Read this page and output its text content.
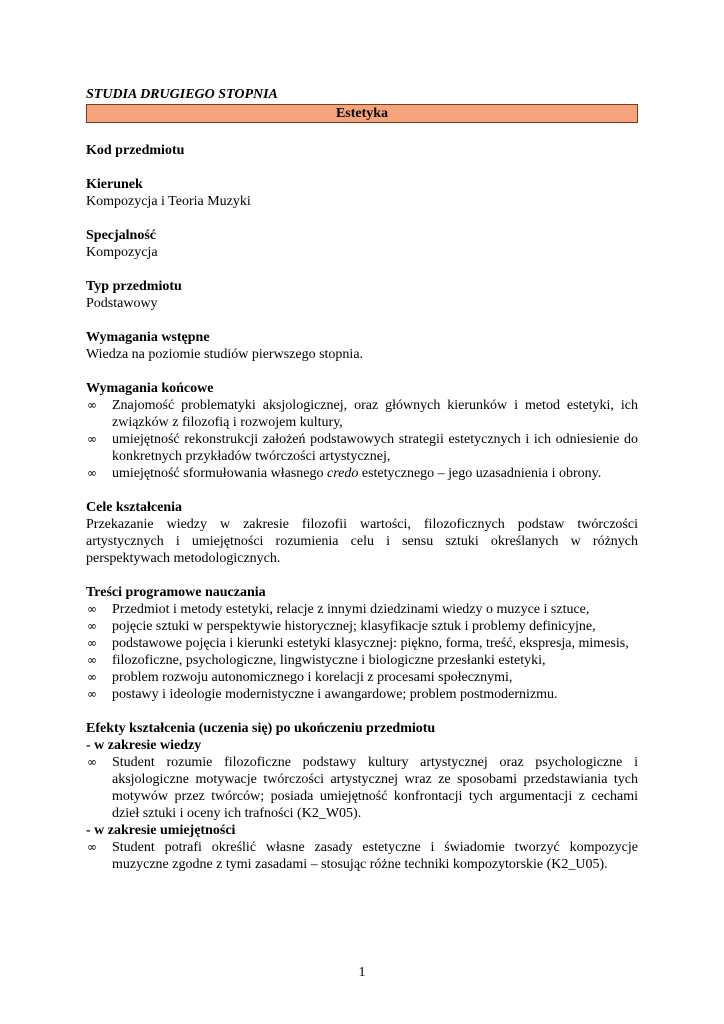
STUDIA DRUGIEGO STOPNIA

Estetyka
Kod przedmiotu
Kierunek
Kompozycja i Teoria Muzyki
Specjalność
Kompozycja
Typ przedmiotu
Podstawowy
Wymagania wstępne
Wiedza na poziomie studiów pierwszego stopnia.
Wymagania końcowe
∞	Znajomość problematyki aksjologicznej, oraz głównych kierunków i metod estetyki, ich związków z filozofią i rozwojem kultury,
∞	umiejętność rekonstrukcji założeń podstawowych strategii estetycznych i ich odniesienie do konkretnych przykładów twórczości artystycznej,
∞	umiejętność sformułowania własnego credo estetycznego – jego uzasadnienia i obrony.
Cele kształcenia

Przekazanie wiedzy w zakresie filozofii wartości, filozoficznych podstaw twórczości artystycznych i umiejętności rozumienia celu i sensu sztuki określanych w różnych perspektywach metodologicznych.

Treści programowe nauczania
∞	Przedmiot i metody estetyki, relacje z innymi dziedzinami wiedzy o muzyce i sztuce,
∞	pojęcie sztuki w perspektywie historycznej; klasyfikacje sztuk i problemy definicyjne,
∞	podstawowe pojęcia i kierunki estetyki klasycznej: piękno, forma, treść, ekspresja, mimesis,
∞	filozoficzne, psychologiczne, lingwistyczne i biologiczne przesłanki estetyki,
∞	problem rozwoju autonomicznego i korelacji z procesami społecznymi,
∞	postawy i ideologie modernistyczne i awangardowe; problem postmodernizmu.
Efekty kształcenia (uczenia się) po ukończeniu przedmiotu
- w zakresie wiedzy
∞	Student rozumie filozoficzne podstawy kultury artystycznej oraz psychologiczne i aksjologiczne motywacje twórczości artystycznej wraz ze sposobami przedstawiania tych motywów przez twórców; posiada umiejętność konfrontacji tych argumentacji z cechami dzieł sztuki i oceny ich trafności (K2_W05).
- w zakresie umiejętności
∞	Student potrafi określić własne zasady estetyczne i świadomie tworzyć kompozycje muzyczne zgodne z tymi zasadami – stosując różne techniki kompozytorskie (K2_U05).
1
